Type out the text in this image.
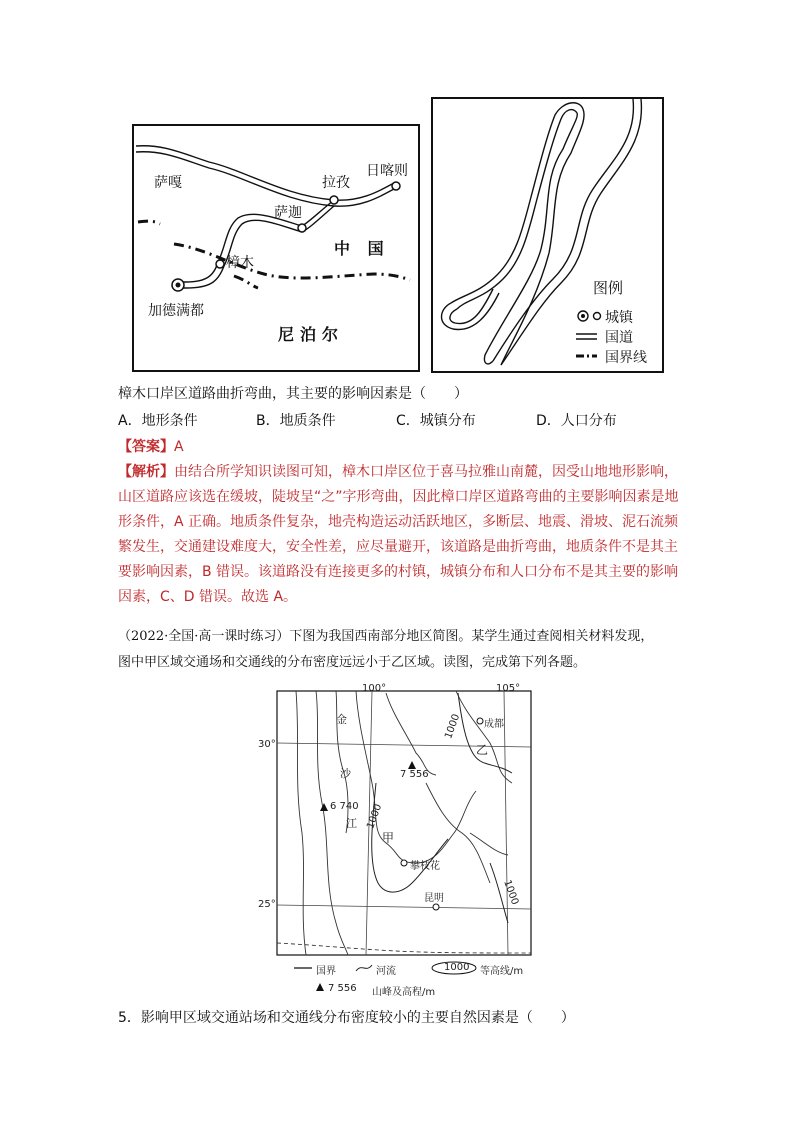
萨嘎	拉孜
日喀则
萨迦
中 国
樟木
加德满都
尼泊尔
图例
城镇
国道
国界线
樟木口岸区道路曲折弯曲，其主要的影响因素是（　　）
A．地形条件	B．地质条件	C．城镇分布	D．人口分布
【答案】A
【解析】由结合所学知识读图可知，樟木口岸区位于喜马拉雅山南麓，因受山地地形影响，
山区道路应该选在缓坡，陡坡呈“之”字形弯曲，因此樟口岸区道路弯曲的主要影响因素是地
形条件，A 正确。地质条件复杂，地壳构造运动活跃地区，多断层、地震、滑坡、泥石流频
繁发生，交通建设难度大，安全性差，应尽量避开，该道路是曲折弯曲，地质条件不是其主
要影响因素，B 错误。该道路没有连接更多的村镇，城镇分布和人口分布不是其主要的影响
因素，C、D 错误。故选 A。
（2022·全国·高一课时练习）下图为我国西南部分地区简图。某学生通过查阅相关材料发现，
图中甲区域交通场和交通线的分布密度远远小于乙区域。读图，完成第下列各题。
100°	105°
30°
25°
金
沙
江
甲
乙
成都
攀枝花
昆明
7 556
6 740
1000
1000
1000
国界	河流	1000 等高线/m
7 556 山峰及高程/m
5．影响甲区域交通站场和交通线分布密度较小的主要自然因素是（　　）
